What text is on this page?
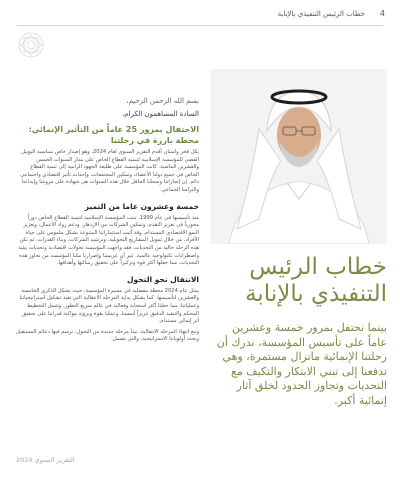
خطاب الرئيس التنفيذي بالإنابة 4
خطاب الرئيس التنفيذي بالإنابة
بينما نحتفل بمرور خمسة وعشرين عاماً على تأسيس المؤسسة، ندرك أن رحلتنا الإنمائية ماتزال مستمرة، وهي تدفعنا إلى تبني الابتكار والتكيف مع التحديات وتجاوز الحدود لخلق آثار إنمائية أكبر.
بسم الله الرحمن الرحيم،
السادة المساهمون الكرام،
الاحتفال بمرور 25 عاماً من التأثير الإنمائي: محطة بارزة في رحلتنا
بكل فخر وامتنان أقدم التقرير السنوي لعام 2024، وهو إصدار خاص بمناسبة اليوبيل الفضي للمؤسسة الإسلامية لتنمية القطاع الخاص على مدار السنوات الخمس والعشرين الماضية. كانت المؤسسة على طليعة الجهود الرامية إلى تنمية القطاع الخاص في جميع دولنا الأعضاء، وتمكين المجتمعات، وإحداث تأثير اقتصادي واجتماعي دائم. إن إنجازاتنا وسجلنا الحافل خلال هذه السنوات هي شهادة على مرونتنا وإبداعنا والتزامنا الجماعي.
خمسة وعشرون عاما من التميز
منذ تأسيسها في عام 1999، تبنت المؤسسة الإسلامية لتنمية القطاع الخاص دوراً محورياً في تعزيز التقدم، وتمكين الشركات من الازدهار، ودعم رواد الأعمال، وتعزيز النمو الاقتصادي المستدام. وقد أثبت استثماراتنا المتنوعة بشكل ملموس على حياة الأفراد، من خلال تمويل المشاريع التحويلية، وترشيد الشركات، وبناء القدرات. ثم تكن هذه الرحلة خالية من التحديات، فقد واجهت المؤسسة تحولات اقتصادية وتحديات بيئية واضطرابات تكنولوجية عالمية. غير أن عزيمتنا وإصرارنا مكنا المؤسسة من تجاوز هذه التحديات، مما جعلها أكثر قوة وتركيزاً على تحقيق رسالتها وأهدافها.
الانتقال نحو التحول
يمثل عام 2024 محطة مفصلية في مسيرة المؤسسة، حيث يشكل الذكرى الخامسة والعشرين لتأسيسها. كما يشكل بداية المرحلة الانتقالية التي تعيد تشكيل استراتيجياتنا وعملياتنا، مما جعلنا أكثر استجابة وفعالية في عالم سريع التطور، وشمل التخطيط المحكم والتنفيذ الدقيق عزيزاً أسسنا، وعملنا بقوة وبرؤية مواكبة قدراتنا على تحقيق أثر إنمائي مستدام.
ومع انتهاء المرحلة الانتقالية، نبدأ مرحلة جديدة من التحول، نرسم فيها دعائم المستقبل ونجدد أولوياتنا الاستراتيجية، والتي تشمل:
التقرير السنوي 2024
